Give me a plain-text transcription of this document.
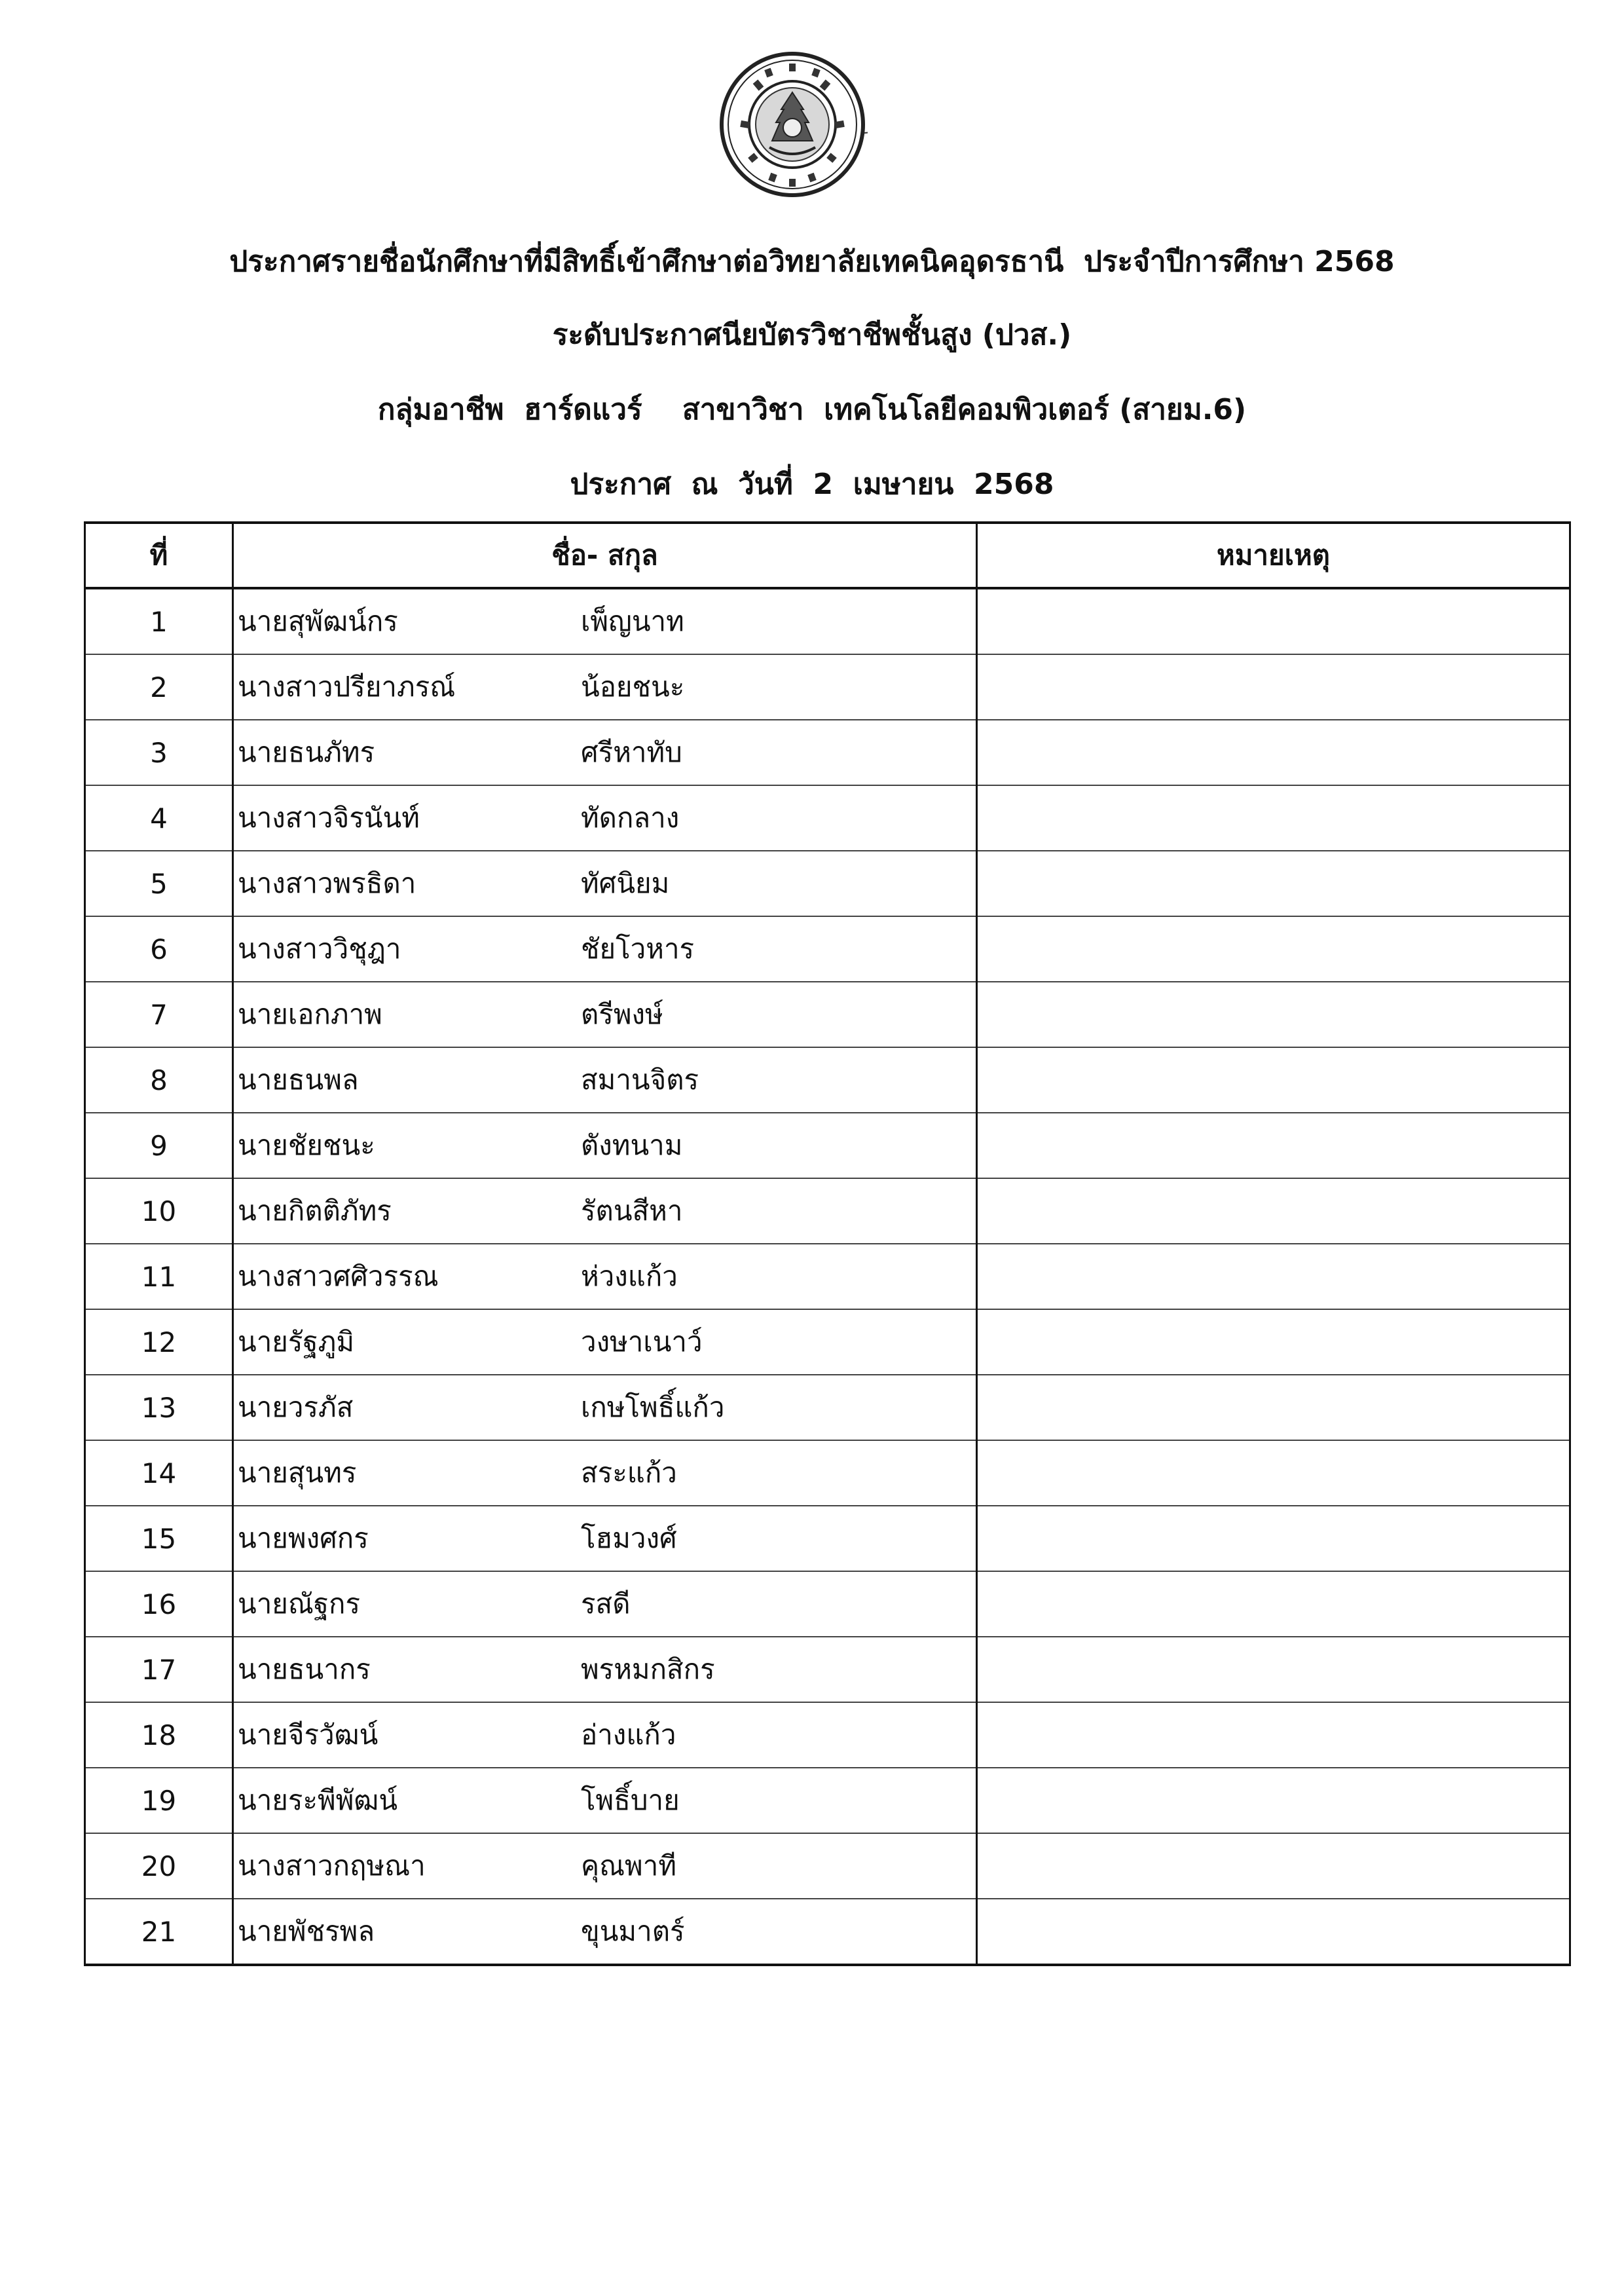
ประกาศรายชื่อนักศึกษาที่มีสิทธิ์เข้าศึกษาต่อวิทยาลัยเทคนิคอุดรธานี  ประจำปีการศึกษา 2568

ระดับประกาศนียบัตรวิชาชีพชั้นสูง (ปวส.)

กลุ่มอาชีพ  ฮาร์ดแวร์    สาขาวิชา  เทคโนโลยีคอมพิวเตอร์ (สายม.6)

ประกาศ  ณ  วันที่  2  เมษายน  2568

ที่	ชื่อ- สกุล	หมายเหตุ
1	นายสุพัฒน์กร เพ็ญนาท	

2	นางสาวปรียาภรณ์ น้อยชนะ	

3	นายธนภัทร ศรีหาทับ	

4	นางสาวจิรนันท์ ทัดกลาง	

5	นางสาวพรธิดา ทัศนิยม	

6	นางสาววิชุฎา ชัยโวหาร	

7	นายเอกภาพ ตรีพงษ์	

8	นายธนพล สมานจิตร	

9	นายชัยชนะ ตังทนาม	

10	นายกิตติภัทร รัตนสีหา	

11	นางสาวศศิวรรณ ห่วงแก้ว	

12	นายรัฐภูมิ วงษาเนาว์	

13	นายวรภัส เกษโพธิ์แก้ว	

14	นายสุนทร สระแก้ว	

15	นายพงศกร โฮมวงศ์	

16	นายณัฐกร รสดี	

17	นายธนากร พรหมกสิกร	

18	นายจีรวัฒน์ อ่างแก้ว	

19	นายระพีพัฒน์ โพธิ์บาย	

20	นางสาวกฤษณา คุณพาที	

21	นายพัชรพล ขุนมาตร์	
